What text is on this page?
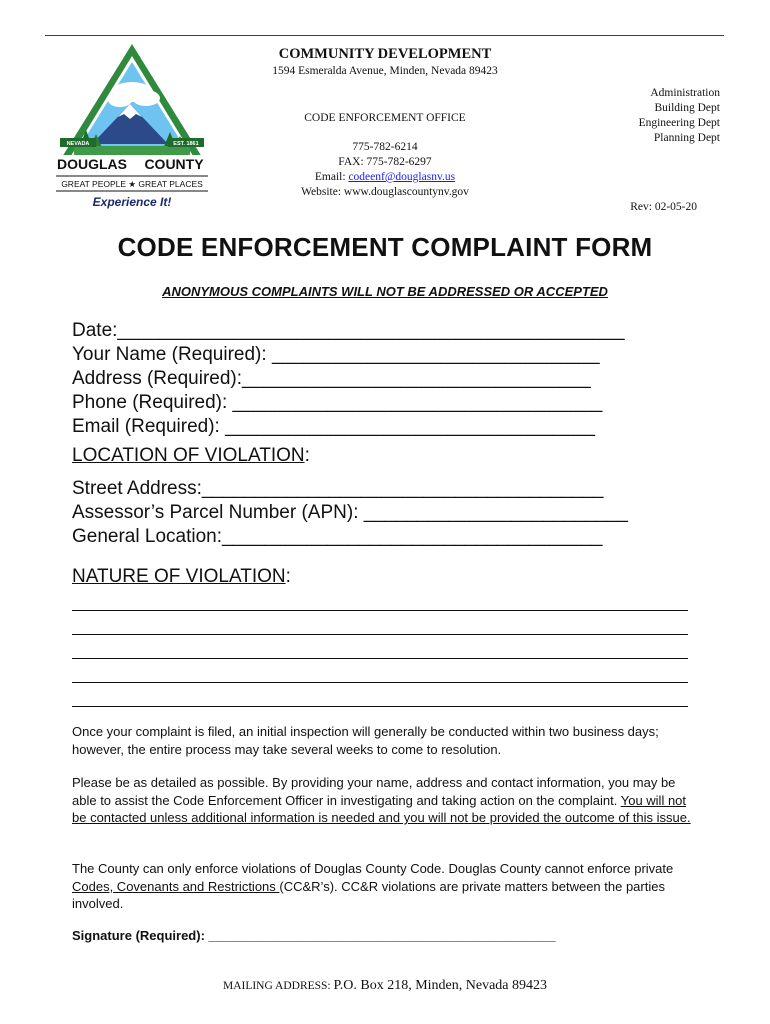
NEVADA	EST. 1861
DOUGLAS COUNTY
GREAT PEOPLE ★ GREAT PLACES
Experience It!
COMMUNITY DEVELOPMENT
1594 Esmeralda Avenue, Minden, Nevada 89423
CODE ENFORCEMENT OFFICE
775-782-6214
FAX: 775-782-6297
Email: codeenf@douglasnv.us
Website: www.douglascountynv.gov
Administration
Building Dept
Engineering Dept
Planning Dept
Rev: 02-05-20
CODE ENFORCEMENT COMPLAINT FORM
ANONYMOUS COMPLAINTS WILL NOT BE ADDRESSED OR ACCEPTED
Date:________________________________________________
Your Name (Required): _______________________________
Address (Required):_________________________________
Phone (Required): ___________________________________
Email (Required): ___________________________________
LOCATION OF VIOLATION:
Street Address:______________________________________
Assessor’s Parcel Number (APN): _________________________
General Location:____________________________________
NATURE OF VIOLATION:
Once your complaint is filed, an initial inspection will generally be conducted within two business days; however, the entire process may take several weeks to come to resolution.
Please be as detailed as possible. By providing your name, address and contact information, you may be able to assist the Code Enforcement Officer in investigating and taking action on the complaint. You will not be contacted unless additional information is needed and you will not be provided the outcome of this issue.
The County can only enforce violations of Douglas County Code. Douglas County cannot enforce private Codes, Covenants and Restrictions (CC&R’s). CC&R violations are private matters between the parties involved.
Signature (Required): ________________________________________________
MAILING ADDRESS: P.O. Box 218, Minden, Nevada 89423
